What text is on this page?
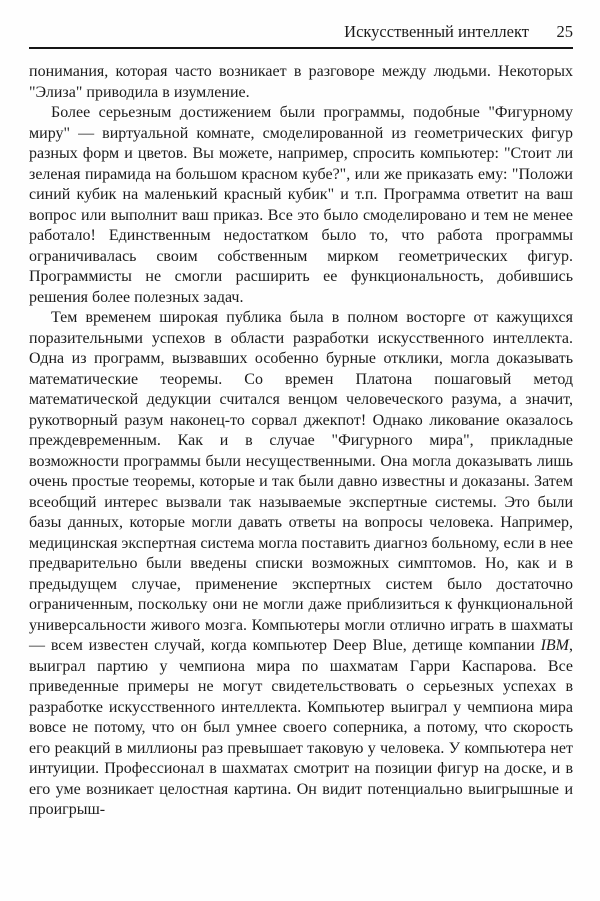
Искусственный интеллект	25

понимания, которая часто возникает в разговоре между людьми. Некоторых "Элиза" приводила в изумление.

Более серьезным достижением были программы, подобные "Фигурному миру" — виртуальной комнате, смоделированной из геометрических фигур разных форм и цветов. Вы можете, например, спросить компьютер: "Стоит ли зеленая пирамида на большом красном кубе?", или же приказать ему: "Положи синий кубик на маленький красный кубик" и т.п. Программа ответит на ваш вопрос или выполнит ваш приказ. Все это было смоделировано и тем не менее работало! Единственным недостатком было то, что работа программы ограничивалась своим собственным мирком геометрических фигур. Программисты не смогли расширить ее функциональность, добившись решения более полезных задач.

Тем временем широкая публика была в полном восторге от кажущихся поразительными успехов в области разработки искусственного интеллекта. Одна из программ, вызвавших особенно бурные отклики, могла доказывать математические теоремы. Со времен Платона пошаговый метод математической дедукции считался венцом человеческого разума, а значит, рукотворный разум наконец-то сорвал джекпот! Однако ликование оказалось преждевременным. Как и в случае "Фигурного мира", прикладные возможности программы были несущественными. Она могла доказывать лишь очень простые теоремы, которые и так были давно известны и доказаны. Затем всеобщий интерес вызвали так называемые экспертные системы. Это были базы данных, которые могли давать ответы на вопросы человека. Например, медицинская экспертная система могла поставить диагноз больному, если в нее предварительно были введены списки возможных симптомов. Но, как и в предыдущем случае, применение экспертных систем было достаточно ограниченным, поскольку они не могли даже приблизиться к функциональной универсальности живого мозга. Компьютеры могли отлично играть в шахматы — всем известен случай, когда компьютер Deep Blue, детище компании IBM, выиграл партию у чемпиона мира по шахматам Гарри Каспарова. Все приведенные примеры не могут свидетельствовать о серьезных успехах в разработке искусственного интеллекта. Компьютер выиграл у чемпиона мира вовсе не потому, что он был умнее своего соперника, а потому, что скорость его реакций в миллионы раз превышает таковую у человека. У компьютера нет интуиции. Профессионал в шахматах смотрит на позиции фигур на доске, и в его уме возникает целостная картина. Он видит потенциально выигрышные и проигрыш-
